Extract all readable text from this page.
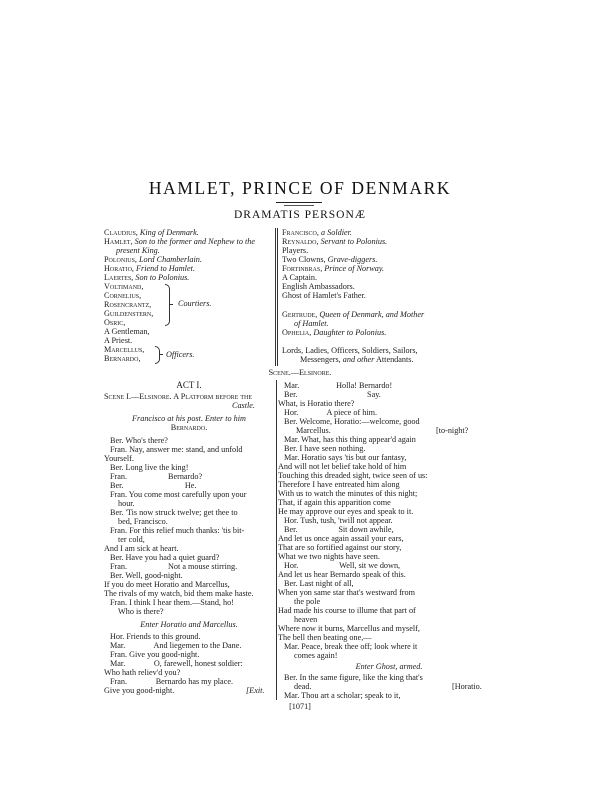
HAMLET, PRINCE OF DENMARK
DRAMATIS PERSONÆ
Claudius, King of Denmark.
Hamlet, Son to the former and Nephew to the
present King.
Polonius, Lord Chamberlain.
Horatio, Friend to Hamlet.
Laertes, Son to Polonius.
Voltimand,
Cornelius,
Rosencrantz,
Guildenstern,
Osric,
Courtiers.
A Gentleman,
A Priest.
Marcellus,
Bernardo,	Officers.
Francisco, a Soldier.
Reynaldo, Servant to Polonius.
Players.
Two Clowns, Grave-diggers.
Fortinbras, Prince of Norway.
A Captain.
English Ambassadors.
Ghost of Hamlet's Father.
Gertrude, Queen of Denmark, and Mother
of Hamlet.
Ophelia, Daughter to Polonius.
Lords, Ladies, Officers, Soldiers, Sailors,
Messengers, and other Attendants.
Scene.—Elsinore.
ACT I.
Scene I.—Elsinore. A Platform before the
Castle.
Francisco at his post. Enter to him
Bernardo.
Ber. Who's there?
Fran. Nay, answer me: stand, and unfold
Yourself.
Ber. Long live the king!
Fran.                    Bernardo?
Ber.                              He.
Fran. You come most carefully upon your
hour.
Ber. 'Tis now struck twelve; get thee to
bed, Francisco.
Fran. For this relief much thanks: 'tis bit-
ter cold,
And I am sick at heart.
Ber. Have you had a quiet guard?
Fran.                    Not a mouse stirring.
Ber. Well, good-night.
If you do meet Horatio and Marcellus,
The rivals of my watch, bid them make haste.
Fran. I think I hear them.—Stand, ho!
Who is there?
Enter Horatio and Marcellus.
Hor. Friends to this ground.
Mar.              And liegemen to the Dane.
Fran. Give you good-night.
Mar.              O, farewell, honest soldier:
Who hath reliev'd you?
Fran.              Bernardo has my place.
Give you good-night.	[Exit.
Mar.                  Holla! Bernardo!
Ber.                                  Say.
What, is Horatio there?
Hor.              A piece of him.
Ber. Welcome, Horatio:—welcome, good
Marcellus.	[to-night?
Mar. What, has this thing appear'd again
Ber. I have seen nothing.
Mar. Horatio says 'tis but our fantasy,
And will not let belief take hold of him
Touching this dreaded sight, twice seen of us:
Therefore I have entreated him along
With us to watch the minutes of this night;
That, if again this apparition come
He may approve our eyes and speak to it.
Hor. Tush, tush, 'twill not appear.
Ber.                    Sit down awhile,
And let us once again assail your ears,
That are so fortified against our story,
What we two nights have seen.
Hor.                    Well, sit we down,
And let us hear Bernardo speak of this.
Ber. Last night of all,
When yon same star that's westward from
the pole
Had made his course to illume that part of
heaven
Where now it burns, Marcellus and myself,
The bell then beating one,—
Mar. Peace, break thee off; look where it
comes again!
Enter Ghost, armed.
Ber. In the same figure, like the king that's
dead.	[Horatio.
Mar. Thou art a scholar; speak to it,
[1071]
